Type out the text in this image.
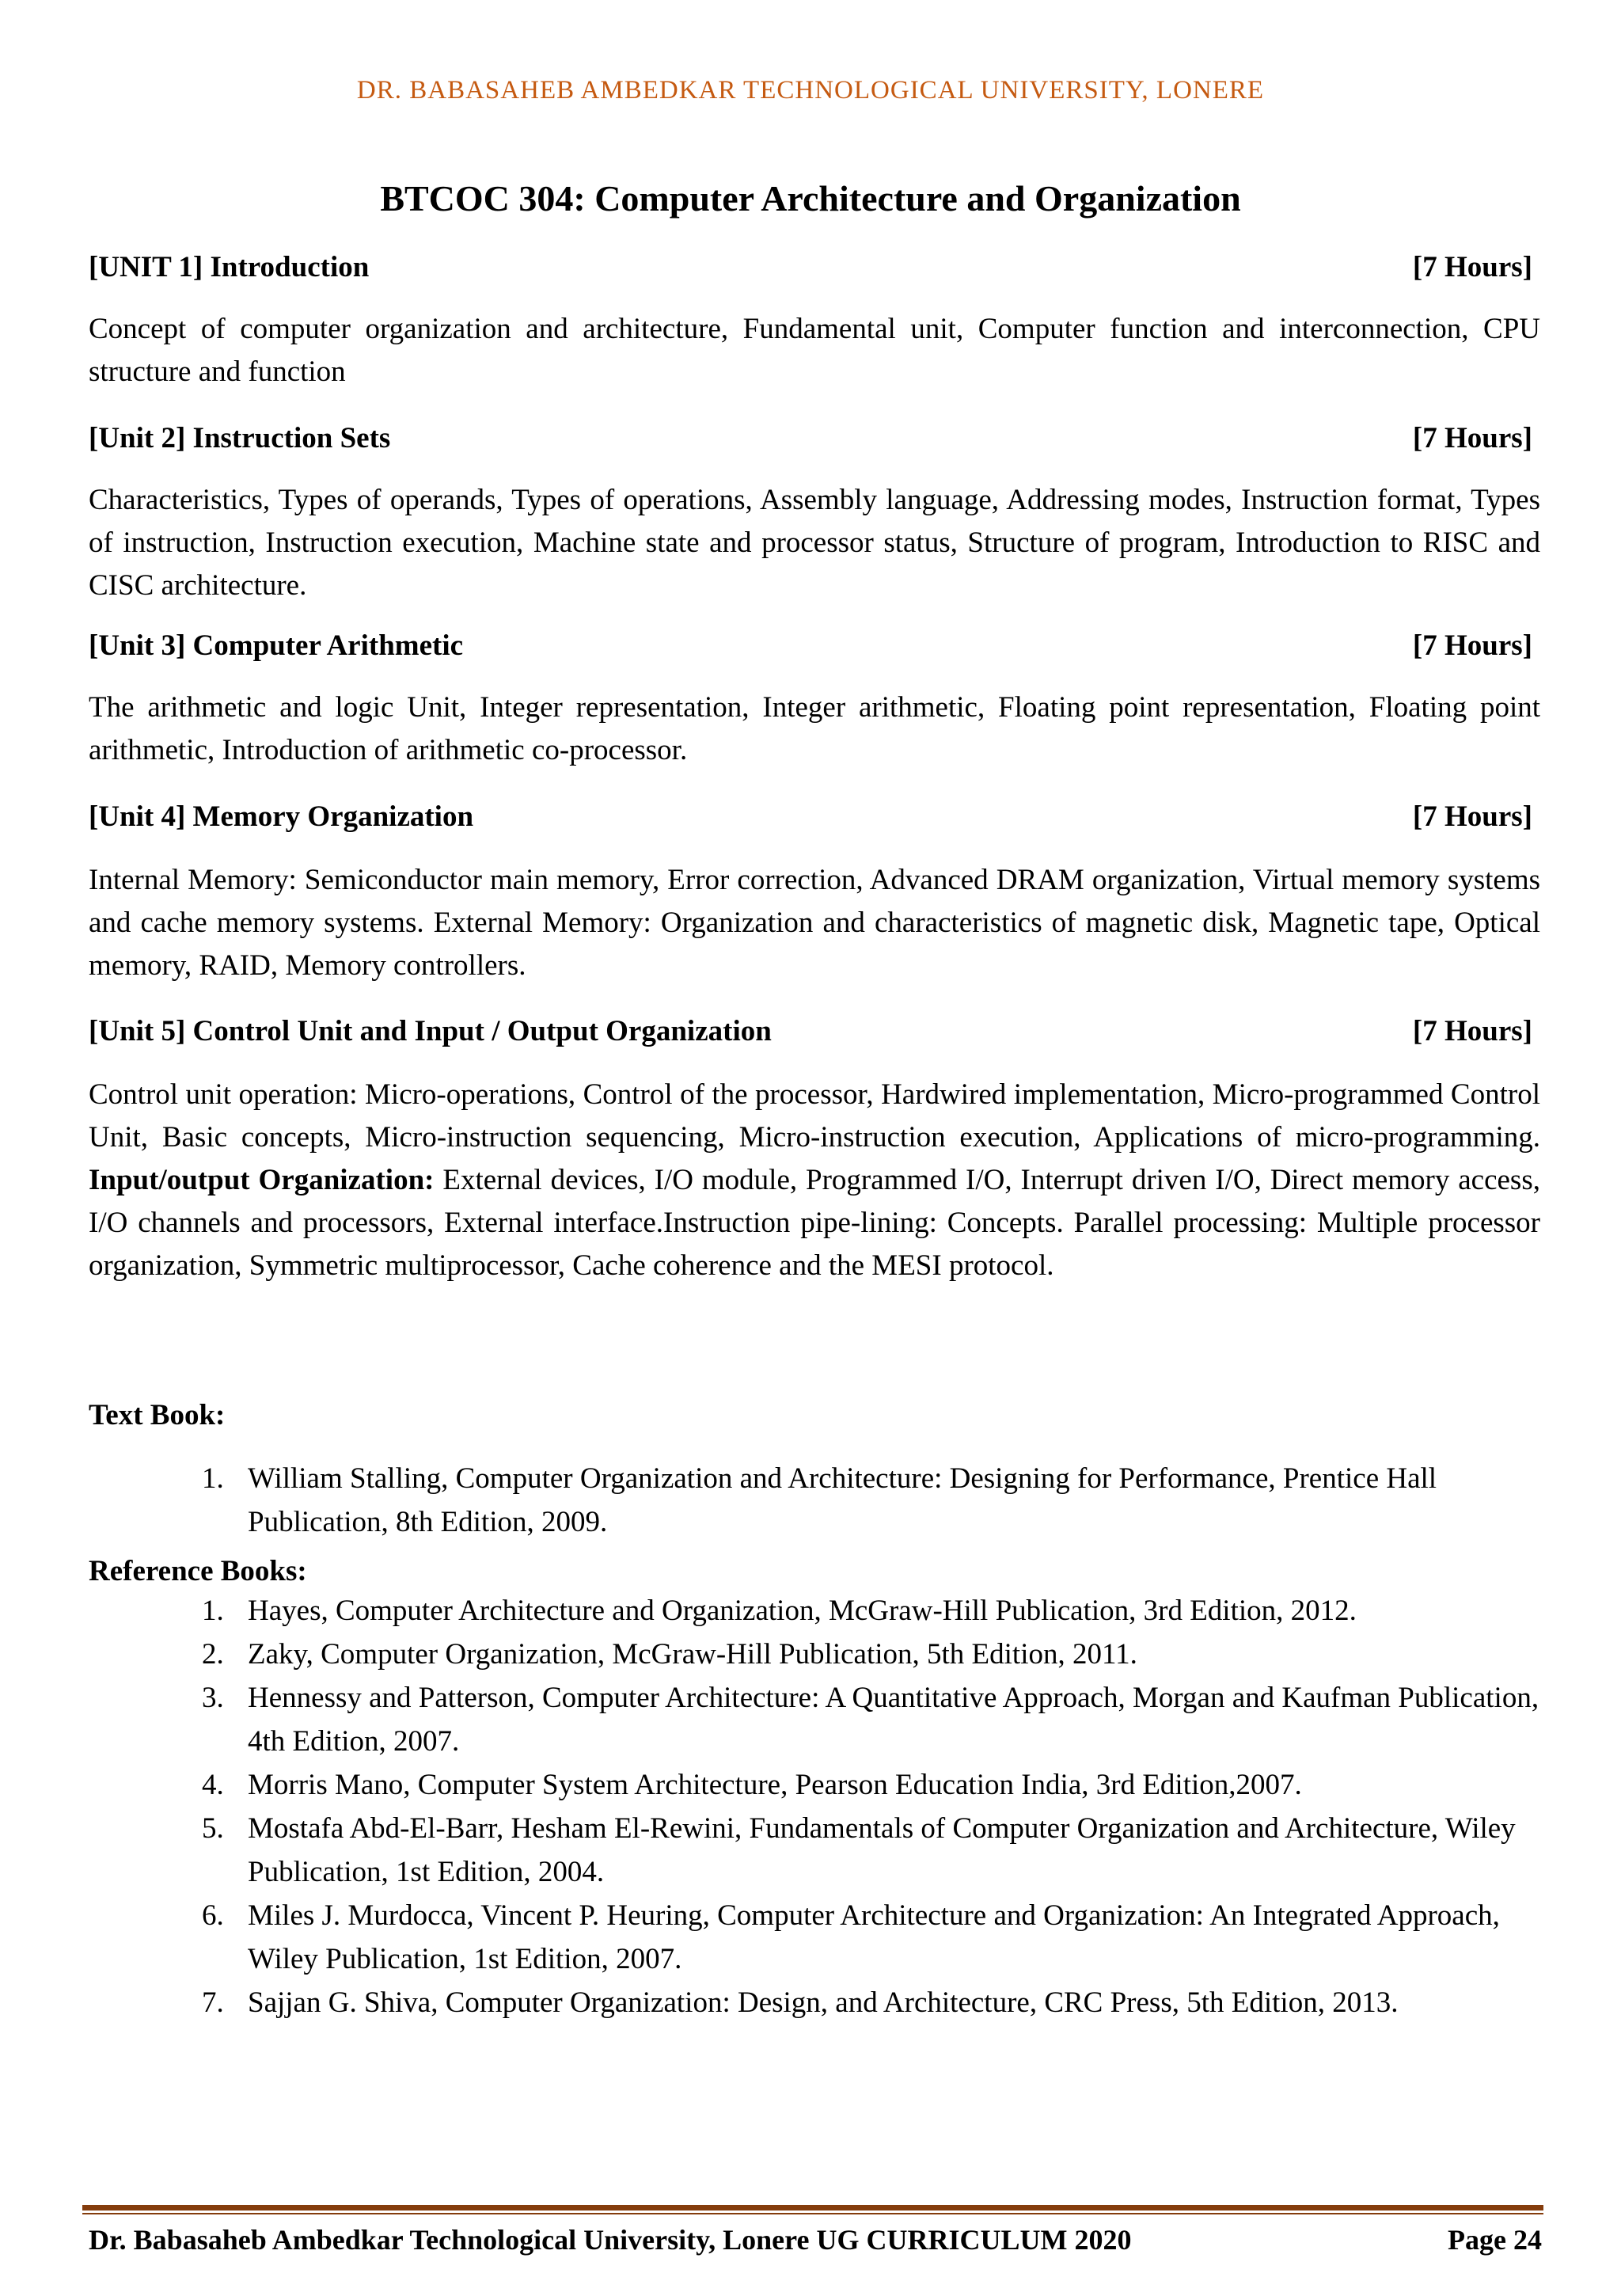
DR. BABASAHEB AMBEDKAR TECHNOLOGICAL UNIVERSITY, LONERE
BTCOC 304: Computer Architecture and Organization
[UNIT 1] Introduction	[7 Hours]
Concept of computer organization and architecture, Fundamental unit, Computer function and interconnection, CPU structure and function
[Unit 2] Instruction Sets	[7 Hours]
Characteristics, Types of operands, Types of operations, Assembly language, Addressing modes, Instruction format, Types of instruction, Instruction execution, Machine state and processor status, Structure of program, Introduction to RISC and CISC architecture.
[Unit 3] Computer Arithmetic	[7 Hours]
The arithmetic and logic Unit, Integer representation, Integer arithmetic, Floating point representation, Floating point arithmetic, Introduction of arithmetic co-processor.
[Unit 4] Memory Organization	[7 Hours]
Internal Memory: Semiconductor main memory, Error correction, Advanced DRAM organization, Virtual memory systems and cache memory systems. External Memory: Organization and characteristics of magnetic disk, Magnetic tape, Optical memory, RAID, Memory controllers.
[Unit 5] Control Unit and Input / Output Organization	[7 Hours]
Control unit operation: Micro-operations, Control of the processor, Hardwired implementation, Micro-programmed Control Unit, Basic concepts, Micro-instruction sequencing, Micro-instruction execution, Applications of micro-programming. Input/output Organization: External devices, I/O module, Programmed I/O, Interrupt driven I/O, Direct memory access, I/O channels and processors, External interface.Instruction pipe-lining: Concepts. Parallel processing: Multiple processor organization, Symmetric multiprocessor, Cache coherence and the MESI protocol.
Text Book:
1. William Stalling, Computer Organization and Architecture: Designing for Performance, Prentice Hall Publication, 8th Edition, 2009.
Reference Books:
1. Hayes, Computer Architecture and Organization, McGraw-Hill Publication, 3rd Edition, 2012.
2. Zaky, Computer Organization, McGraw-Hill Publication, 5th Edition, 2011.
3. Hennessy and Patterson, Computer Architecture: A Quantitative Approach, Morgan and Kaufman Publication, 4th Edition, 2007.
4. Morris Mano, Computer System Architecture, Pearson Education India, 3rd Edition,2007.
5. Mostafa Abd-El-Barr, Hesham El-Rewini, Fundamentals of Computer Organization and Architecture, Wiley Publication, 1st Edition, 2004.
6. Miles J. Murdocca, Vincent P. Heuring, Computer Architecture and Organization: An Integrated Approach, Wiley Publication, 1st Edition, 2007.
7. Sajjan G. Shiva, Computer Organization: Design, and Architecture, CRC Press, 5th Edition, 2013.
Dr. Babasaheb Ambedkar Technological University, Lonere UG CURRICULUM 2020	Page 24
